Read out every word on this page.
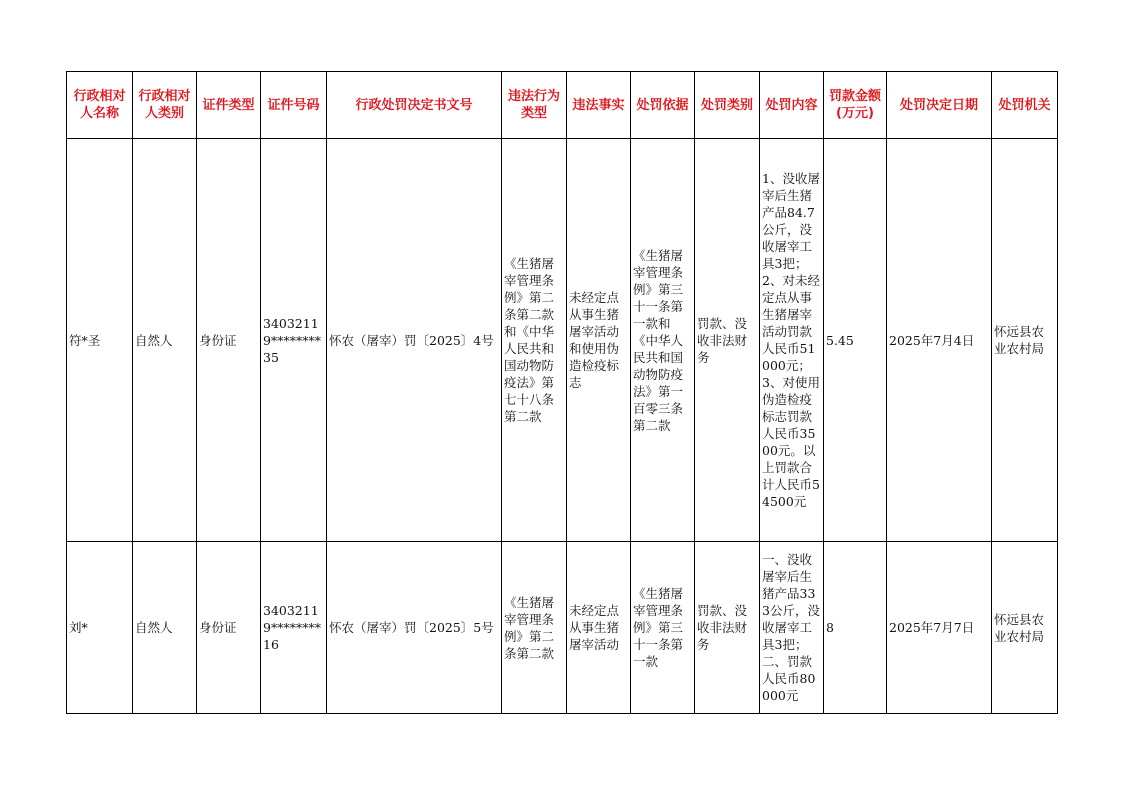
行政相对人名称	行政相对人类别	证件类型	证件号码	行政处罚决定书文号	违法行为类型	违法事实	处罚依据	处罚类别	处罚内容	罚款金额(万元)	处罚决定日期	处罚机关
符*圣	自然人	身份证	34032119********35	怀农（屠宰）罚〔2025〕4号	《生猪屠宰管理条例》第二条第二款和《中华人民共和国动物防疫法》第七十八条第二款	未经定点从事生猪屠宰活动和使用伪造检疫标志	《生猪屠宰管理条例》第三十一条第一款和《中华人民共和国动物防疫法》第一百零三条第二款	罚款、没收非法财务	1、没收屠宰后生猪产品84.7公斤，没收屠宰工具3把；2、对未经定点从事生猪屠宰活动罚款人民币51000元；3、对使用伪造检疫标志罚款人民币3500元。以上罚款合计人民币54500元	5.45	2025年7月4日	怀远县农业农村局
刘*	自然人	身份证	34032119********16	怀农（屠宰）罚〔2025〕5号	《生猪屠宰管理条例》第二条第二款	未经定点从事生猪屠宰活动	《生猪屠宰管理条例》第三十一条第一款	罚款、没收非法财务	一、没收屠宰后生猪产品333公斤，没收屠宰工具3把；二、罚款人民币80000元	8	2025年7月7日	怀远县农业农村局
